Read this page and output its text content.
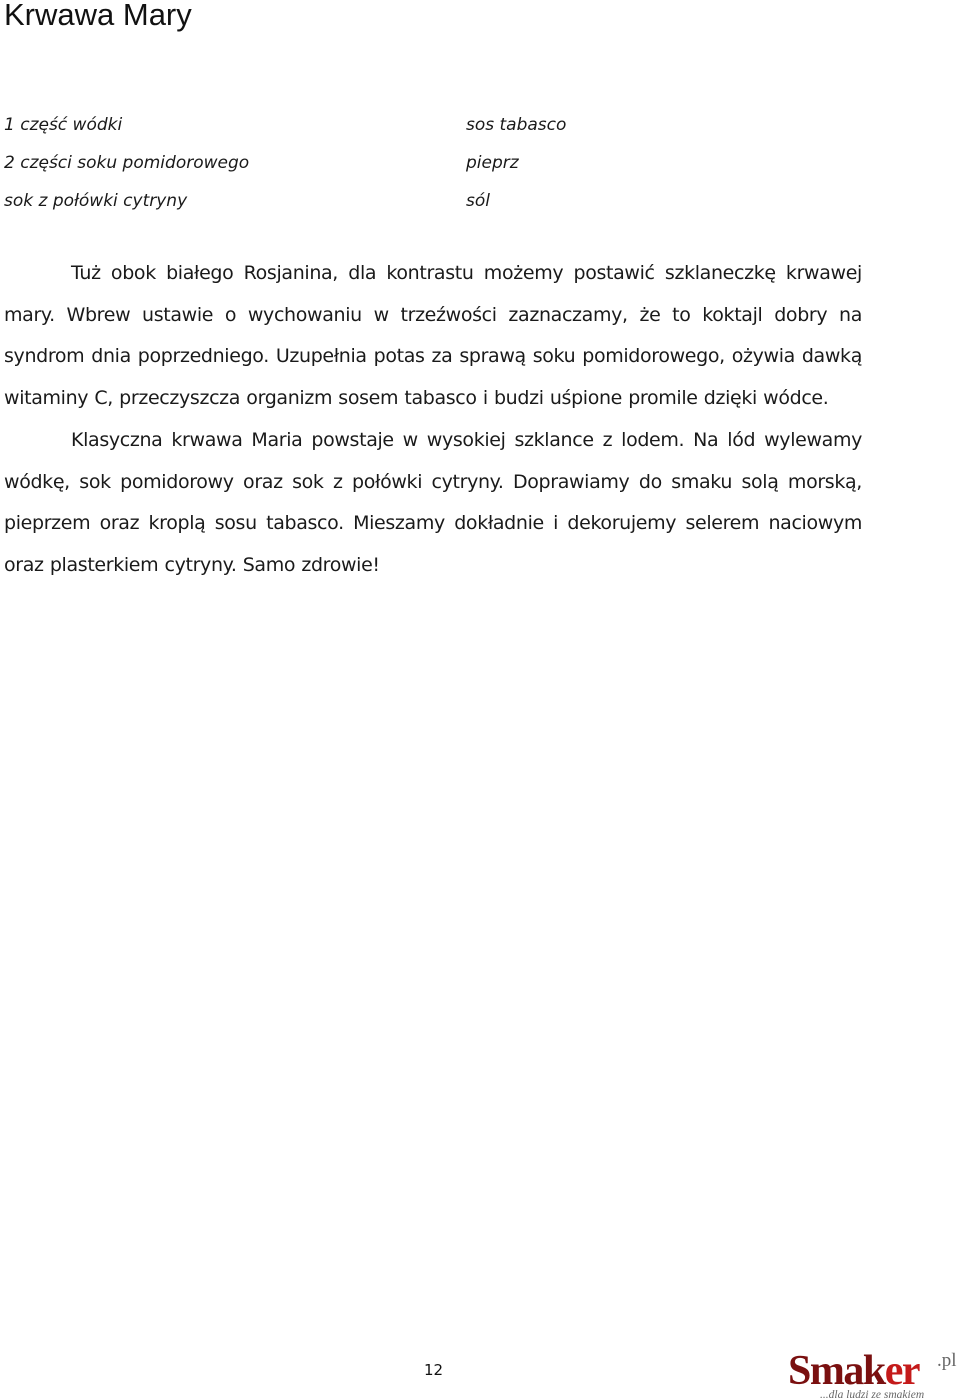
Krwawa Mary
1 część wódki
2 części soku pomidorowego
sok z połówki cytryny
sos tabasco
pieprz
sól

Tuż obok białego Rosjanina, dla kontrastu możemy postawić szklaneczkę krwawej mary. Wbrew ustawie o wychowaniu w trzeźwości zaznaczamy, że to koktajl dobry na syndrom dnia poprzedniego. Uzupełnia potas za sprawą soku pomidorowego, ożywia dawką witaminy C, przeczyszcza organizm sosem tabasco i budzi uśpione promile dzięki wódce.

Klasyczna krwawa Maria powstaje w wysokiej szklance z lodem. Na lód wylewamy wódkę, sok pomidorowy oraz sok z połówki cytryny. Doprawiamy do smaku solą morską, pieprzem oraz kroplą sosu tabasco. Mieszamy dokładnie i dekorujemy selerem naciowym oraz plasterkiem cytryny. Samo zdrowie!

12	Smaker .pl
...dla ludzi ze smakiem
